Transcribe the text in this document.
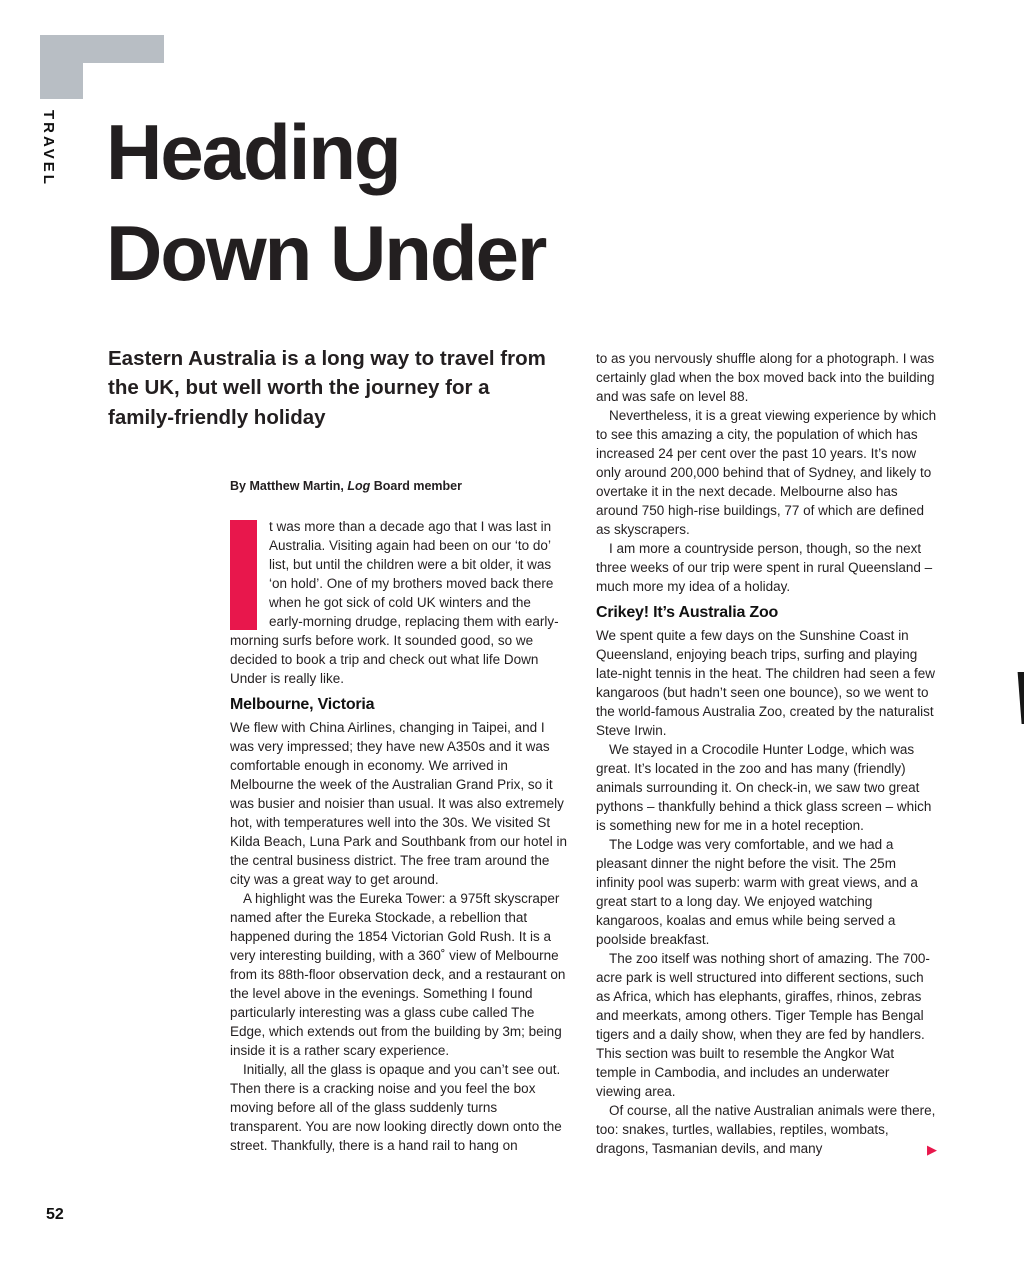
TRAVEL Heading
Down Under

Eastern Australia is a long way to travel from the UK, but well worth the journey for a family-friendly holiday

By Matthew Martin, Log Board member

t was more than a decade ago that I was last in Australia. Visiting again had been on our ‘to do’ list, but until the children were a bit older, it was ‘on hold’. One of my brothers moved back there when he got sick of cold UK winters and the early-morning drudge, replacing them with early-morning surfs before work. It sounded good, so we decided to book a trip and check out what life Down Under is really like.

Melbourne, Victoria

We flew with China Airlines, changing in Taipei, and I was very impressed; they have new A350s and it was comfortable enough in economy. We arrived in Melbourne the week of the Australian Grand Prix, so it was busier and noisier than usual. It was also extremely hot, with temperatures well into the 30s. We visited St Kilda Beach, Luna Park and Southbank from our hotel in the central business district. The free tram around the city was a great way to get around.

A highlight was the Eureka Tower: a 975ft skyscraper named after the Eureka Stockade, a rebellion that happened during the 1854 Victorian Gold Rush. It is a very interesting building, with a 360˚ view of Melbourne from its 88th-floor observation deck, and a restaurant on the level above in the evenings. Something I found particularly interesting was a glass cube called The Edge, which extends out from the building by 3m; being inside it is a rather scary experience.

Initially, all the glass is opaque and you can’t see out. Then there is a cracking noise and you feel the box moving before all of the glass suddenly turns transparent. You are now looking directly down onto the street. Thankfully, there is a hand rail to hang on

to as you nervously shuffle along for a photograph. I was certainly glad when the box moved back into the building and was safe on level 88.

Nevertheless, it is a great viewing experience by which to see this amazing a city, the population of which has increased 24 per cent over the past 10 years. It’s now only around 200,000 behind that of Sydney, and likely to overtake it in the next decade. Melbourne also has around 750 high-rise buildings, 77 of which are defined as skyscrapers.

I am more a countryside person, though, so the next three weeks of our trip were spent in rural Queensland – much more my idea of a holiday.

Crikey! It’s Australia Zoo

We spent quite a few days on the Sunshine Coast in Queensland, enjoying beach trips, surfing and playing late-night tennis in the heat. The children had seen a few kangaroos (but hadn’t seen one bounce), so we went to the world-famous Australia Zoo, created by the naturalist Steve Irwin.

We stayed in a Crocodile Hunter Lodge, which was great. It’s located in the zoo and has many (friendly) animals surrounding it. On check-in, we saw two great pythons – thankfully behind a thick glass screen – which is something new for me in a hotel reception.

The Lodge was very comfortable, and we had a pleasant dinner the night before the visit. The 25m infinity pool was superb: warm with great views, and a great start to a long day. We enjoyed watching kangaroos, koalas and emus while being served a poolside breakfast.

The zoo itself was nothing short of amazing. The 700-acre park is well structured into different sections, such as Africa, which has elephants, giraffes, rhinos, zebras and meerkats, among others. Tiger Temple has Bengal tigers and a daily show, when they are fed by handlers. This section was built to resemble the Angkor Wat temple in Cambodia, and includes an underwater viewing area.

Of course, all the native Australian animals were there, too: snakes, turtles, wallabies, reptiles, wombats, dragons, Tasmanian devils, and many	▶
52
